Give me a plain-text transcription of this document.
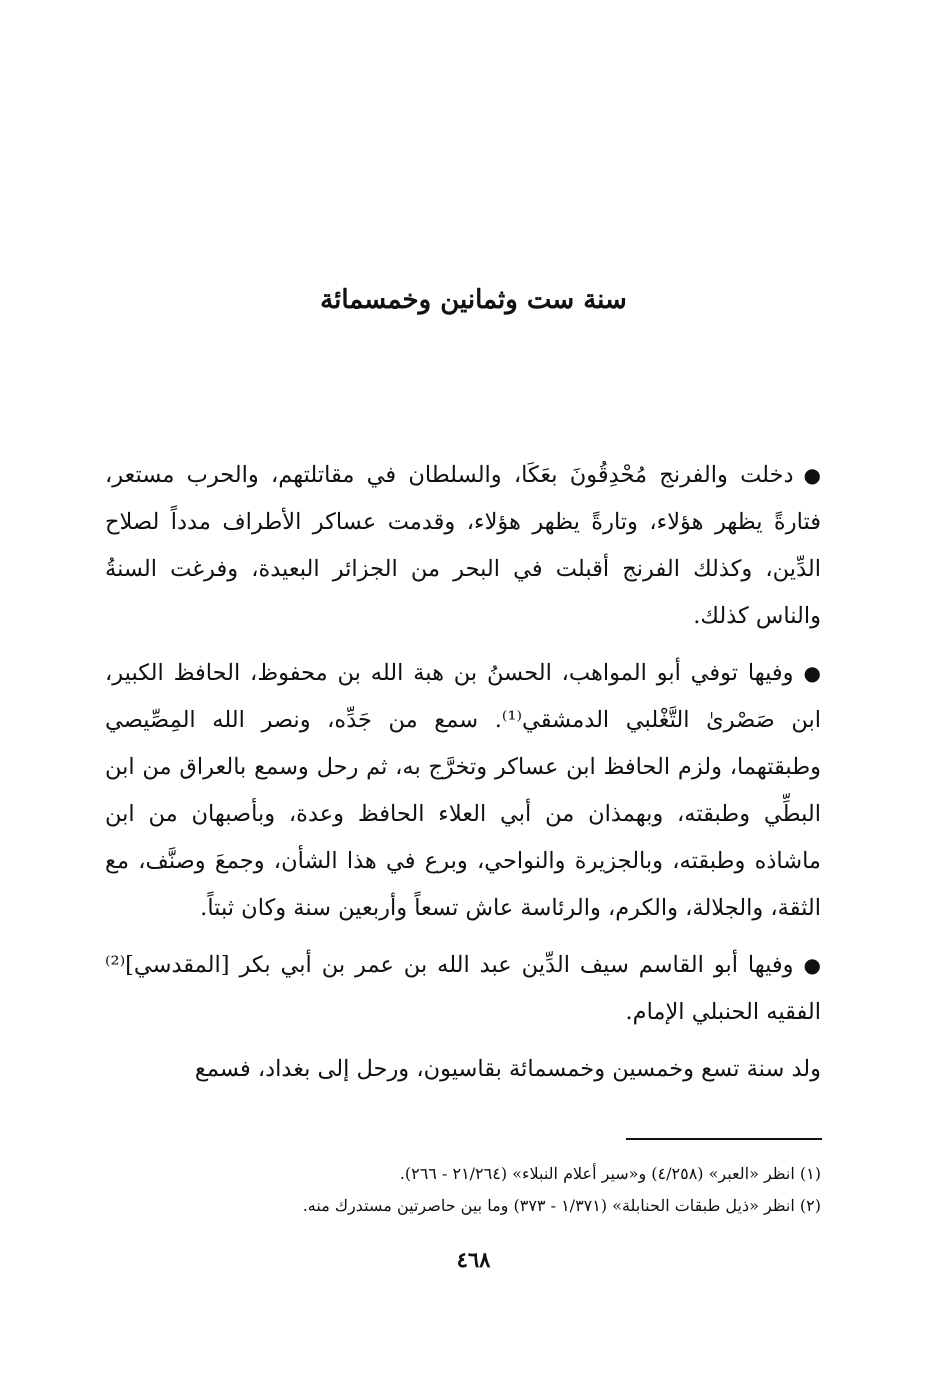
سنة ست وثمانين وخمسمائة

●دخلت والفرنج مُحْدِقُونَ بعَكَا، والسلطان في مقاتلتهم، والحرب مستعر، فتارةً يظهر هؤلاء، وتارةً يظهر هؤلاء، وقدمت عساكر الأطراف مدداً لصلاح الدِّين، وكذلك الفرنج أقبلت في البحر من الجزائر البعيدة، وفرغت السنةُ والناس كذلك.

●وفيها توفي أبو المواهب، الحسنُ بن هبة الله بن محفوظ، الحافظ الكبير، ابن صَصْرىٰ التَّغْلبي الدمشقي⁽¹⁾. سمع من جَدِّه، ونصر الله المِصِّيصي وطبقتهما، ولزم الحافظ ابن عساكر وتخرَّج به، ثم رحل وسمع بالعراق من ابن البطِّي وطبقته، وبهمذان من أبي العلاء الحافظ وعدة، وبأصبهان من ابن ماشاذه وطبقته، وبالجزيرة والنواحي، وبرع في هذا الشأن، وجمعَ وصنَّف، مع الثقة، والجلالة، والكرم، والرئاسة عاش تسعاً وأربعين سنة وكان ثبتاً.

●وفيها أبو القاسم سيف الدِّين عبد الله بن عمر بن أبي بكر [المقدسي]⁽²⁾ الفقيه الحنبلي الإمام.

ولد سنة تسع وخمسين وخمسمائة بقاسيون، ورحل إلى بغداد، فسمع

(١) انظر «العبر» (٤/٢٥٨) و«سير أعلام النبلاء» (٢١/٢٦٤ - ٢٦٦).

(٢) انظر «ذيل طبقات الحنابلة» (١/٣٧١ - ٣٧٣) وما بين حاصرتين مستدرك منه.

٤٦٨
